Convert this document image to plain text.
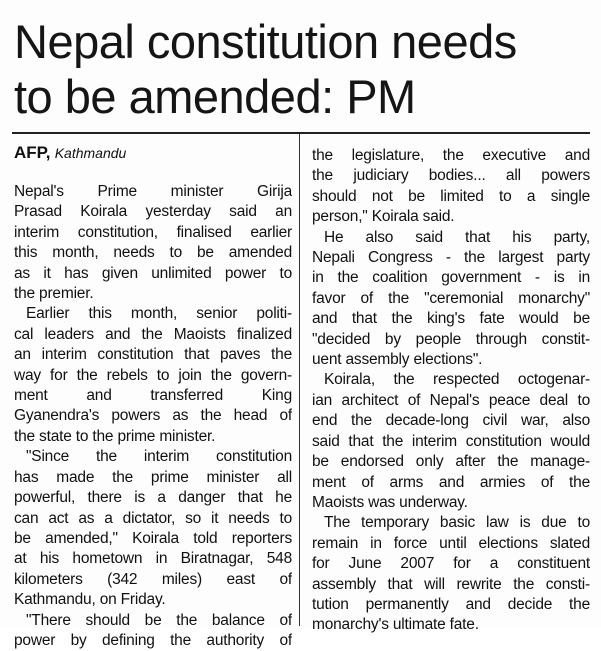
Nepal constitution needs
to be amended: PM
AFP, Kathmandu
Nepal's Prime minister Girija
Prasad Koirala yesterday said an
interim constitution, finalised earlier
this month, needs to be amended
as it has given unlimited power to
the premier.
Earlier this month, senior politi-
cal leaders and the Maoists finalized
an interim constitution that paves the
way for the rebels to join the govern-
ment and transferred King
Gyanendra's powers as the head of
the state to the prime minister.
"Since the interim constitution
has made the prime minister all
powerful, there is a danger that he
can act as a dictator, so it needs to
be amended," Koirala told reporters
at his hometown in Biratnagar, 548
kilometers (342 miles) east of
Kathmandu, on Friday.
"There should be the balance of
power by defining the authority of
the legislature, the executive and
the judiciary bodies... all powers
should not be limited to a single
person," Koirala said.
He also said that his party,
Nepali Congress - the largest party
in the coalition government - is in
favor of the "ceremonial monarchy"
and that the king's fate would be
"decided by people through constit-
uent assembly elections".
Koirala, the respected octogenar-
ian architect of Nepal's peace deal to
end the decade-long civil war, also
said that the interim constitution would
be endorsed only after the manage-
ment of arms and armies of the
Maoists was underway.
The temporary basic law is due to
remain in force until elections slated
for June 2007 for a constituent
assembly that will rewrite the consti-
tution permanently and decide the
monarchy's ultimate fate.
